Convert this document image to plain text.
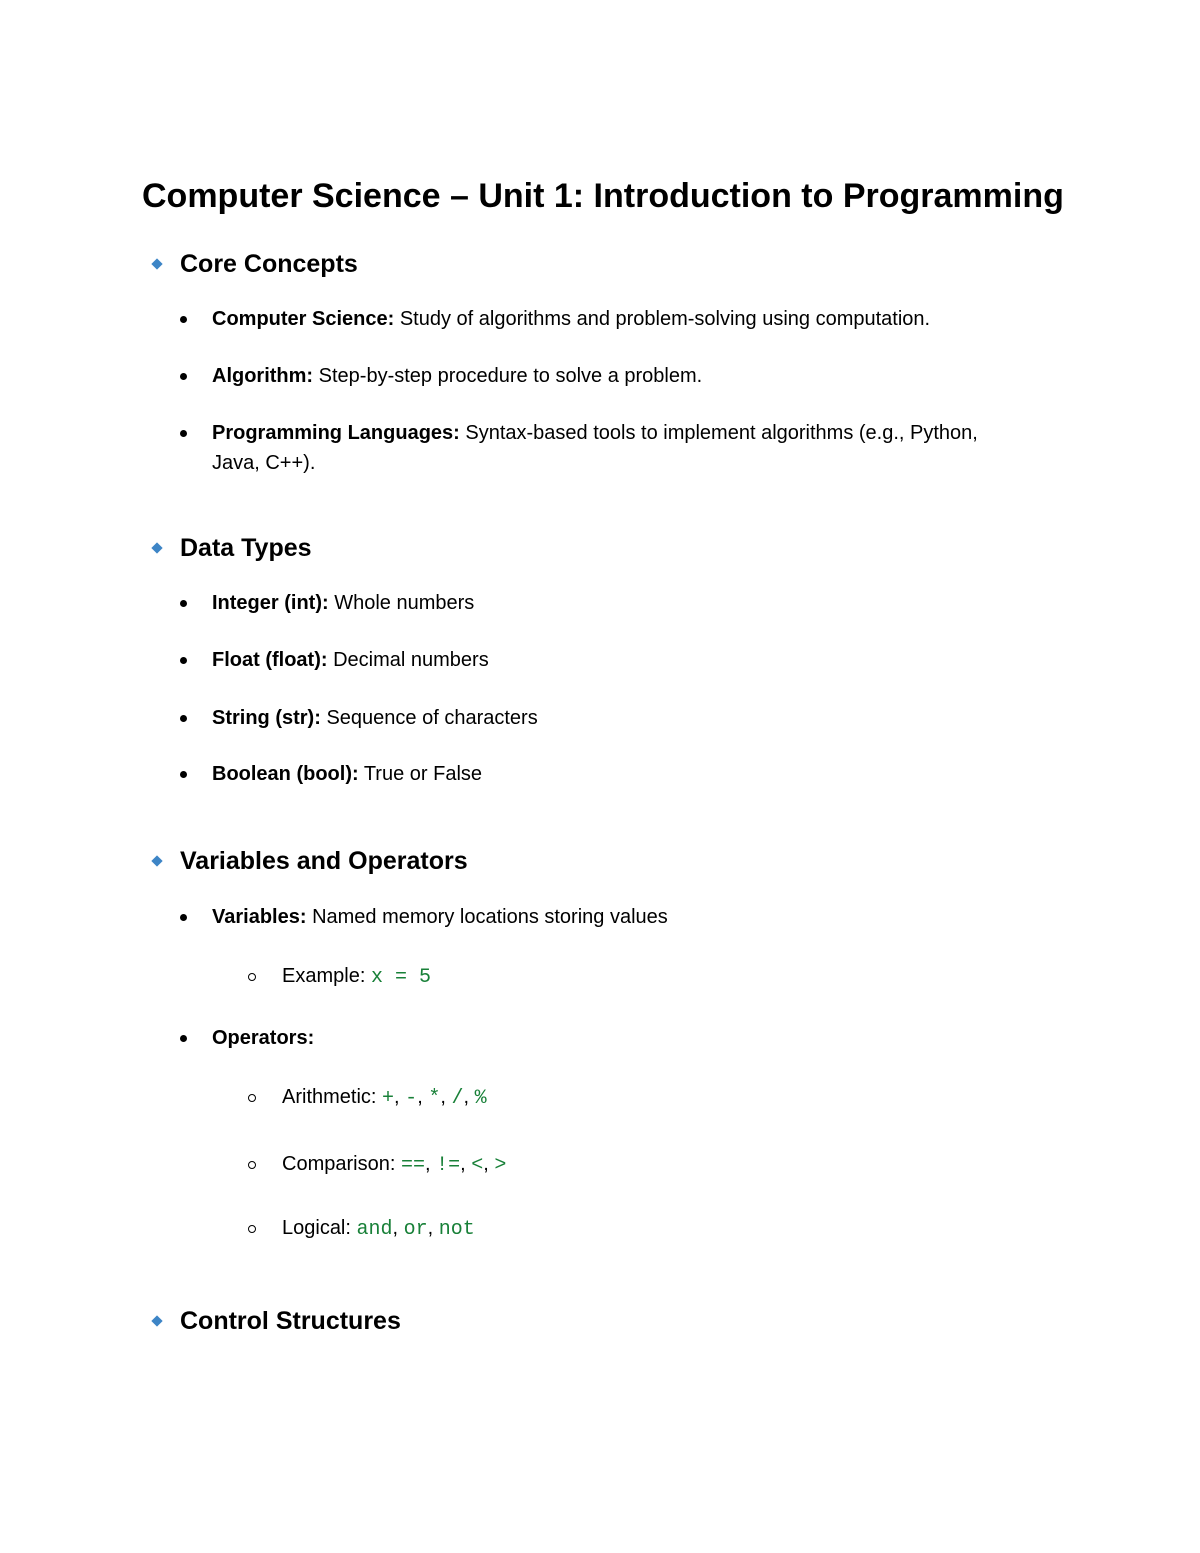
Computer Science – Unit 1: Introduction to Programming
Core Concepts
Computer Science: Study of algorithms and problem-solving using computation.
Algorithm: Step-by-step procedure to solve a problem.
Programming Languages: Syntax-based tools to implement algorithms (e.g., Python, Java, C++).
Data Types
Integer (int): Whole numbers
Float (float): Decimal numbers
String (str): Sequence of characters
Boolean (bool): True or False
Variables and Operators
Variables: Named memory locations storing values
Example: x = 5
Operators:
Arithmetic: +, -, *, /, %
Comparison: ==, !=, <, >
Logical: and, or, not
Control Structures
